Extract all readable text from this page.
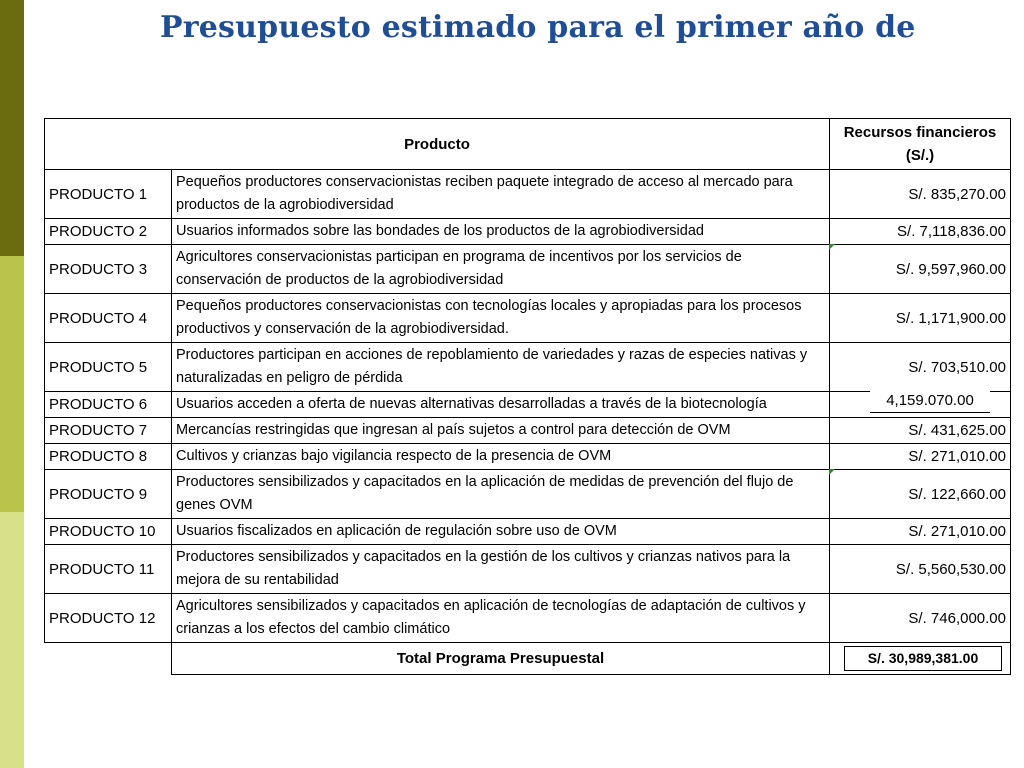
Presupuesto estimado para el primer año de
Producto		Recursos financieros (S/.)
PRODUCTO 1	Pequeños productores conservacionistas reciben paquete integrado de acceso al mercado para productos de la agrobiodiversidad	S/. 835,270.00
PRODUCTO 2	Usuarios informados sobre las bondades de los productos de la agrobiodiversidad	S/. 7,118,836.00
PRODUCTO 3	Agricultores conservacionistas participan en programa de incentivos por los servicios de conservación de productos de la agrobiodiversidad	S/. 9,597,960.00

PRODUCTO 4	Pequeños productores conservacionistas con tecnologías locales y apropiadas para los procesos productivos y conservación de la agrobiodiversidad.	S/. 1,171,900.00
PRODUCTO 5	Productores participan en acciones de repoblamiento de variedades y razas de especies nativas y naturalizadas en peligro de pérdida	S/. 703,510.00
PRODUCTO 6	Usuarios acceden a oferta de nuevas alternativas desarrolladas a través de la biotecnología	4,159.070.00

PRODUCTO 7	Mercancías restringidas que ingresan al país sujetos a control para detección de OVM	S/. 431,625.00
PRODUCTO 8	Cultivos y crianzas bajo vigilancia respecto de la presencia de OVM	S/. 271,010.00
PRODUCTO 9	Productores sensibilizados y capacitados en la aplicación de medidas de prevención del flujo de genes OVM	S/. 122,660.00

PRODUCTO 10	Usuarios fiscalizados en aplicación de regulación sobre uso de OVM	S/. 271,010.00
PRODUCTO 11	Productores sensibilizados y capacitados en la gestión de los cultivos y crianzas nativos para la mejora de su rentabilidad	S/. 5,560,530.00
PRODUCTO 12	Agricultores sensibilizados y capacitados en aplicación de tecnologías de adaptación de cultivos y crianzas a los efectos del cambio climático	S/. 746,000.00
	Total Programa Presupuestal	S/. 30,989,381.00
